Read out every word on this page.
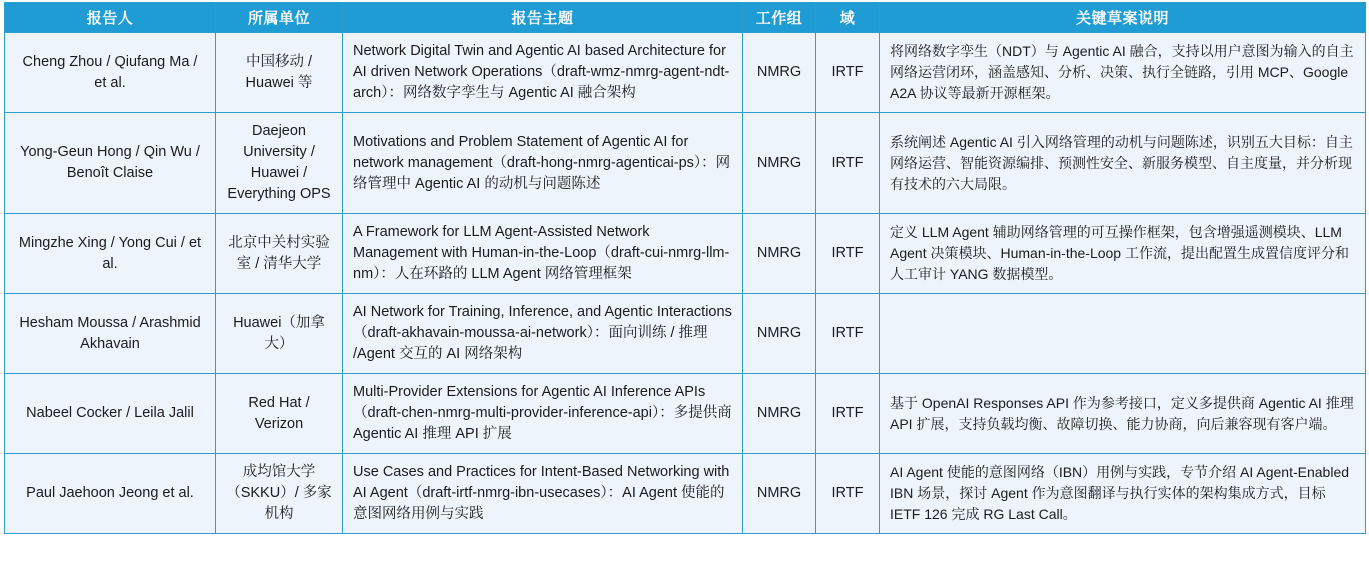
报告人	所属单位	报告主题	工作组	域	关键草案说明
Cheng Zhou / Qiufang Ma / et al.	中国移动 / Huawei 等	Network Digital Twin and Agentic AI based Architecture for AI driven Network Operations（draft-wmz-nmrg-agent-ndt-arch）：网络数字孪生与 Agentic AI 融合架构	NMRG	IRTF	将网络数字孪生（NDT）与 Agentic AI 融合，支持以用户意图为输入的自主网络运营闭环，涵盖感知、分析、决策、执行全链路，引用 MCP、Google A2A 协议等最新开源框架。
Yong-Geun Hong / Qin Wu / Benoît Claise	Daejeon University / Huawei / Everything OPS	Motivations and Problem Statement of Agentic AI for network management（draft-hong-nmrg-agenticai-ps）：网络管理中 Agentic AI 的动机与问题陈述	NMRG	IRTF	系统阐述 Agentic AI 引入网络管理的动机与问题陈述，识别五大目标：自主网络运营、智能资源编排、预测性安全、新服务模型、自主度量，并分析现有技术的六大局限。
Mingzhe Xing / Yong Cui / et al.	北京中关村实验室 / 清华大学	A Framework for LLM Agent-Assisted Network Management with Human-in-the-Loop（draft-cui-nmrg-llm-nm）：人在环路的 LLM Agent 网络管理框架	NMRG	IRTF	定义 LLM Agent 辅助网络管理的可互操作框架，包含增强遥测模块、LLM Agent 决策模块、Human-in-the-Loop 工作流，提出配置生成置信度评分和人工审计 YANG 数据模型。
Hesham Moussa / Arashmid Akhavain	Huawei（加拿大）	AI Network for Training, Inference, and Agentic Interactions（draft-akhavain-moussa-ai-network）：面向训练 / 推理 /Agent 交互的 AI 网络架构	NMRG	IRTF	
Nabeel Cocker / Leila Jalil	Red Hat / Verizon	Multi-Provider Extensions for Agentic AI Inference APIs（draft-chen-nmrg-multi-provider-inference-api）：多提供商 Agentic AI 推理 API 扩展	NMRG	IRTF	基于 OpenAI Responses API 作为参考接口，定义多提供商 Agentic AI 推理 API 扩展，支持负载均衡、故障切换、能力协商，向后兼容现有客户端。
Paul Jaehoon Jeong et al.	成均馆大学（SKKU）/ 多家机构	Use Cases and Practices for Intent-Based Networking with AI Agent（draft-irtf-nmrg-ibn-usecases）：AI Agent 使能的意图网络用例与实践	NMRG	IRTF	AI Agent 使能的意图网络（IBN）用例与实践，专节介绍 AI Agent-Enabled IBN 场景，探讨 Agent 作为意图翻译与执行实体的架构集成方式，目标 IETF 126 完成 RG Last Call。
